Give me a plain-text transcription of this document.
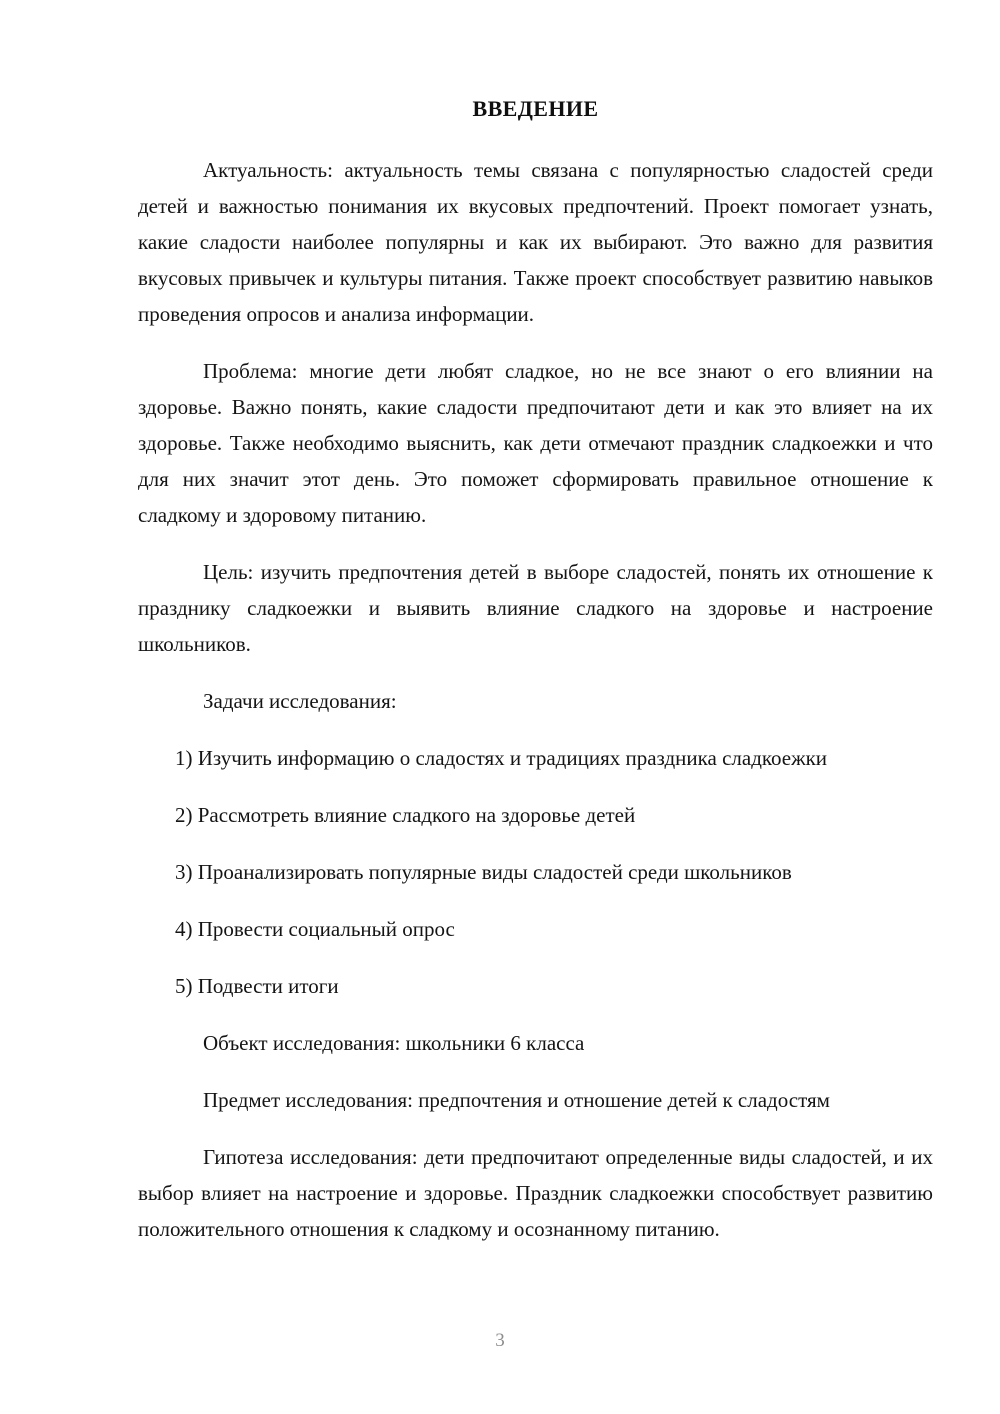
ВВЕДЕНИЕ

Актуальность: актуальность темы связана с популярностью сладостей среди детей и важностью понимания их вкусовых предпочтений. Проект помогает узнать, какие сладости наиболее популярны и как их выбирают. Это важно для развития вкусовых привычек и культуры питания. Также проект способствует развитию навыков проведения опросов и анализа информации.

Проблема: многие дети любят сладкое, но не все знают о его влиянии на здоровье. Важно понять, какие сладости предпочитают дети и как это влияет на их здоровье. Также необходимо выяснить, как дети отмечают праздник сладкоежки и что для них значит этот день. Это поможет сформировать правильное отношение к сладкому и здоровому питанию.

Цель: изучить предпочтения детей в выборе сладостей, понять их отношение к празднику сладкоежки и выявить влияние сладкого на здоровье и настроение школьников.

Задачи исследования:

1) Изучить информацию о сладостях и традициях праздника сладкоежки

2) Рассмотреть влияние сладкого на здоровье детей

3) Проанализировать популярные виды сладостей среди школьников

4) Провести социальный опрос

5) Подвести итоги

Объект исследования: школьники 6 класса

Предмет исследования: предпочтения и отношение детей к сладостям

Гипотеза исследования: дети предпочитают определенные виды сладостей, и их выбор влияет на настроение и здоровье. Праздник сладкоежки способствует развитию положительного отношения к сладкому и осознанному питанию.

3
